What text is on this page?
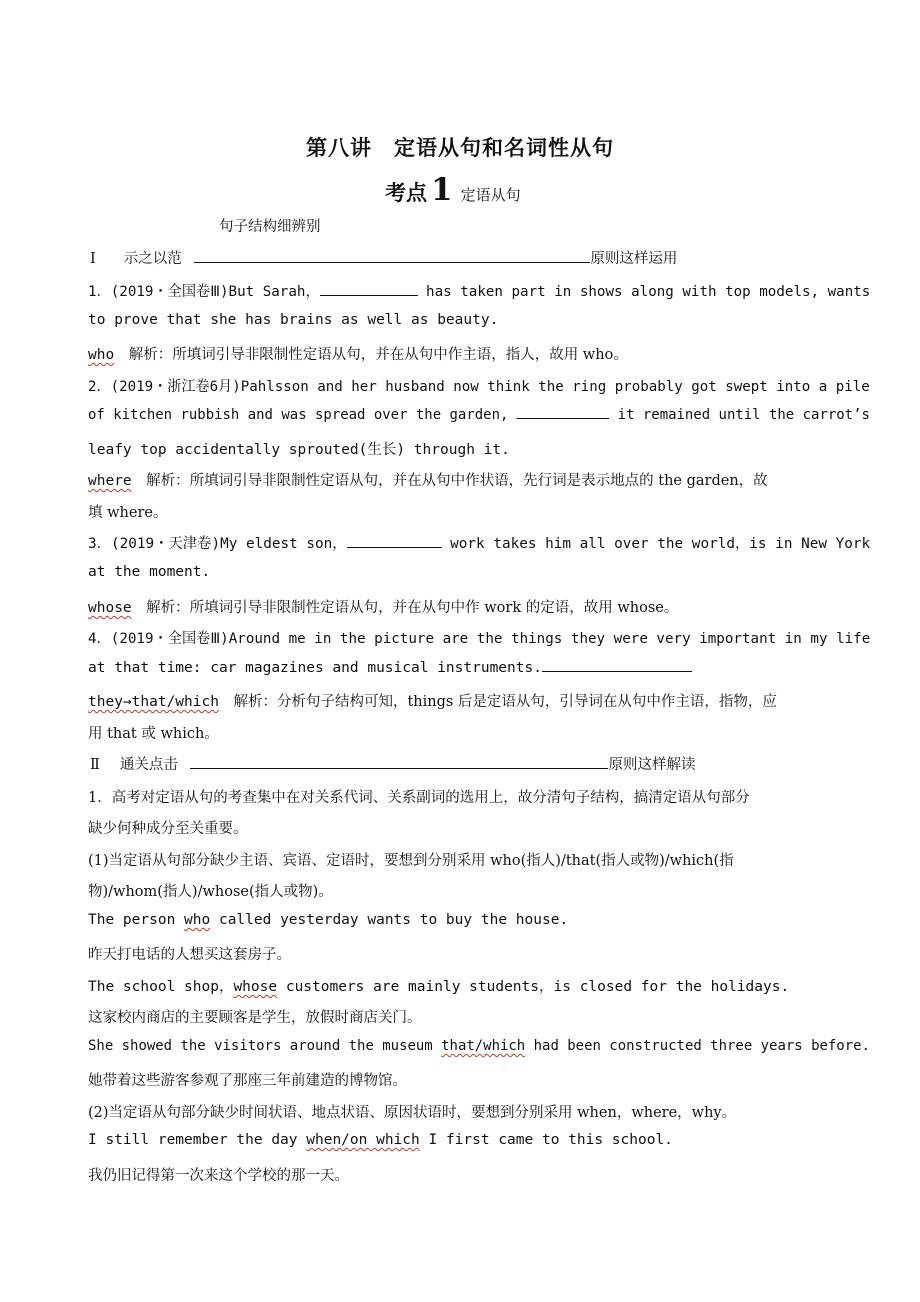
第八讲　定语从句和名词性从句
考点 1 定语从句
句子结构细辨别
Ⅰ 示之以范	原则这样运用
1．(2019・全国卷Ⅲ)But Sarah，	has taken part in shows along with top models, wants
to prove that she has brains as well as beauty.
who　解析：所填词引导非限制性定语从句，并在从句中作主语，指人，故用 who。
2．(2019・浙江卷6月)Pahlsson and her husband now think the ring probably got swept into a pile
of kitchen rubbish and was spread over the garden,	it remained until the carrot’s
leafy top accidentally sprouted(生长) through it.
where　解析：所填词引导非限制性定语从句，并在从句中作状语，先行词是表示地点的 the garden，故
填 where。
3．(2019・天津卷)My eldest son，	work takes him all over the world，is in New York
at the moment.
whose　解析：所填词引导非限制性定语从句，并在从句中作 work 的定语，故用 whose。
4．(2019・全国卷Ⅲ)Around me in the picture are the things they were very important in my life
at that time: car magazines and musical instruments.
they→that/which　解析：分析句子结构可知，things 后是定语从句，引导词在从句中作主语，指物，应
用 that 或 which。
Ⅱ 通关点击	原则这样解读
1．高考对定语从句的考查集中在对关系代词、关系副词的选用上，故分清句子结构，搞清定语从句部分
缺少何种成分至关重要。
(1)当定语从句部分缺少主语、宾语、定语时，要想到分别采用 who(指人)/that(指人或物)/which(指
物)/whom(指人)/whose(指人或物)。
The person who called yesterday wants to buy the house.
昨天打电话的人想买这套房子。
The school shop，whose customers are mainly students，is closed for the holidays.
这家校内商店的主要顾客是学生，放假时商店关门。
She showed the visitors around the museum that/which had been constructed three years before.
她带着这些游客参观了那座三年前建造的博物馆。
(2)当定语从句部分缺少时间状语、地点状语、原因状语时，要想到分别采用 when，where，why。
I still remember the day when/on which I first came to this school.
我仍旧记得第一次来这个学校的那一天。
